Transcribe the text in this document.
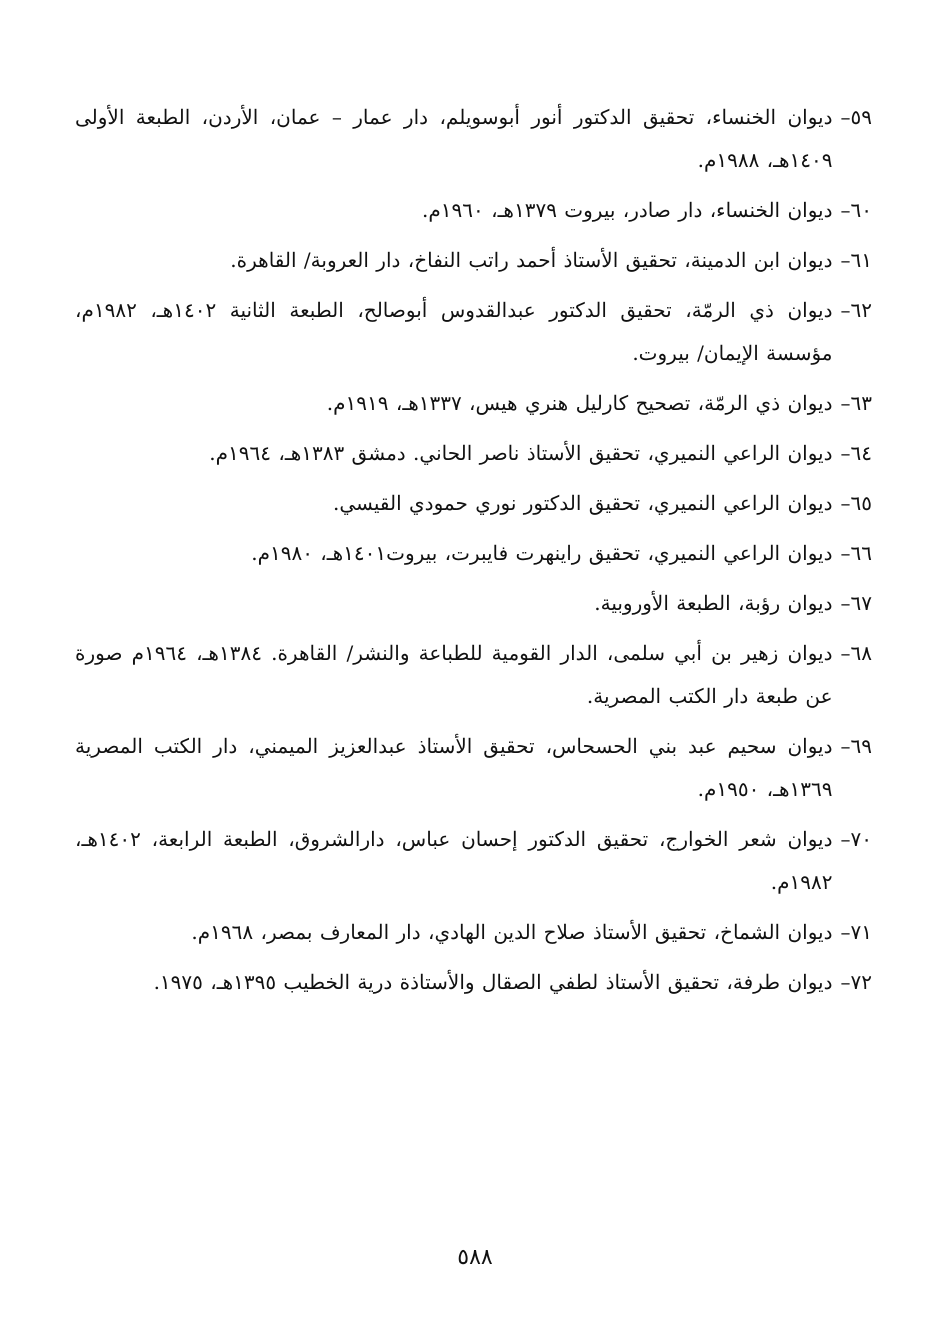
٥٩–
ديوان الخنساء، تحقيق الدكتور أنور أبوسويلم، دار عمار – عمان، الأردن، الطبعة الأولى ١٤٠٩هـ، ١٩٨٨م.
٦٠–
ديوان الخنساء، دار صادر، بيروت ١٣٧٩هـ، ١٩٦٠م.
٦١–
ديوان ابن الدمينة، تحقيق الأستاذ أحمد راتب النفاخ، دار العروبة/ القاهرة.
٦٢–
ديوان ذي الرمّة، تحقيق الدكتور عبدالقدوس أبوصالح، الطبعة الثانية ١٤٠٢هـ، ١٩٨٢م، مؤسسة الإيمان/ بيروت.
٦٣–
ديوان ذي الرمّة، تصحيح كارليل هنري هيس، ١٣٣٧هـ، ١٩١٩م.
٦٤–
ديوان الراعي النميري، تحقيق الأستاذ ناصر الحاني. دمشق ١٣٨٣هـ، ١٩٦٤م.
٦٥–
ديوان الراعي النميري، تحقيق الدكتور نوري حمودي القيسي.
٦٦–
ديوان الراعي النميري، تحقيق راينهرت فايبرت، بيروت١٤٠١هـ، ١٩٨٠م.
٦٧–
ديوان رؤبة، الطبعة الأوروبية.
٦٨–
ديوان زهير بن أبي سلمى، الدار القومية للطباعة والنشر/ القاهرة. ١٣٨٤هـ، ١٩٦٤م صورة عن طبعة دار الكتب المصرية.
٦٩–
ديوان سحيم عبد بني الحسحاس، تحقيق الأستاذ عبدالعزيز الميمني، دار الكتب المصرية ١٣٦٩هـ، ١٩٥٠م.
٧٠–
ديوان شعر الخوارج، تحقيق الدكتور إحسان عباس، دارالشروق، الطبعة الرابعة، ١٤٠٢هـ، ١٩٨٢م.
٧١–
ديوان الشماخ، تحقيق الأستاذ صلاح الدين الهادي، دار المعارف بمصر، ١٩٦٨م.
٧٢–
ديوان طرفة، تحقيق الأستاذ لطفي الصقال والأستاذة درية الخطيب ١٣٩٥هـ، ١٩٧٥.
٥٨٨
